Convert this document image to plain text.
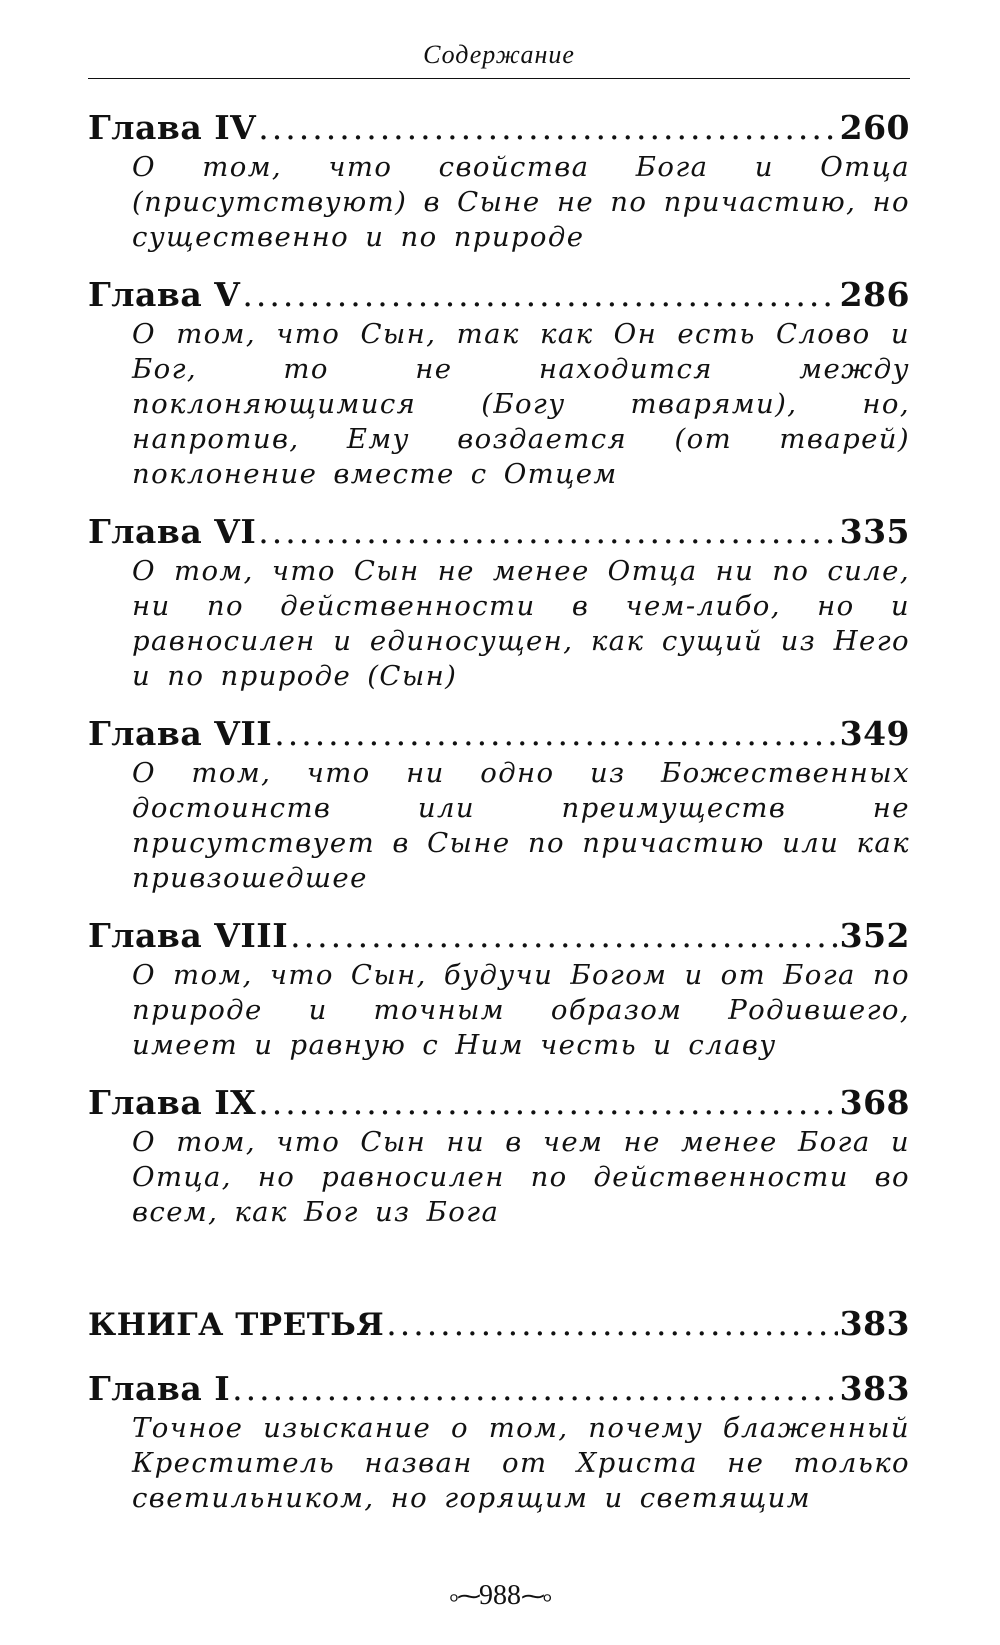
Содержание
Глава IV .....	260

О том, что свойства Бога и Отца (присутствуют) в Сыне не по причастию, но существенно и по природе

Глава V .....	286

О том, что Сын, так как Он есть Слово и Бог, то не находится между поклоняющимися (Богу тварями), но, напротив, Ему воздается (от тварей) поклонение вместе с Отцем

Глава VI .....	335

О том, что Сын не менее Отца ни по силе, ни по действенности в чем-либо, но и равносилен и единосущен, как сущий из Него и по природе (Сын)

Глава VII .....	349

О том, что ни одно из Божественных достоинств или преимуществ не присутствует в Сыне по причастию или как привзошедшее

Глава VIII .....	352

О том, что Сын, будучи Богом и от Бога по природе и точным образом Родившего, имеет и равную с Ним честь и славу

Глава IX .....	368

О том, что Сын ни в чем не менее Бога и Отца, но равносилен по действенности во всем, как Бог из Бога

КНИГА ТРЕТЬЯ .....	383
Глава I .....	383

Точное изыскание о том, почему блаженный Креститель назван от Христа не только светильником, но горящим и светящим

৹⁓988⁓৹
